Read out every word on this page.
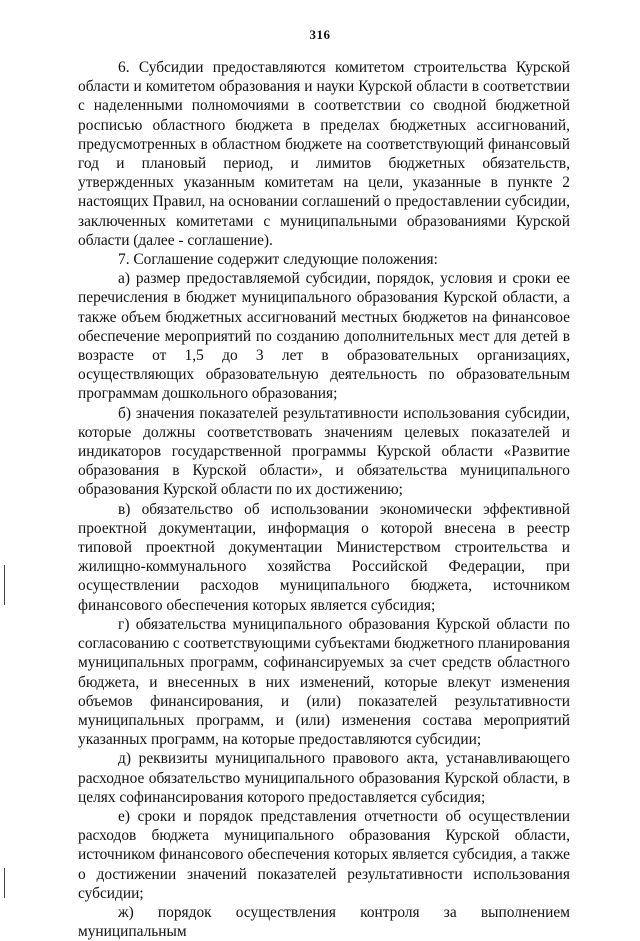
316

6. Субсидии предоставляются комитетом строительства Курской области и комитетом образования и науки Курской области в соответствии с наделенными полномочиями в соответствии со сводной бюджетной росписью областного бюджета в пределах бюджетных ассигнований, предусмотренных в областном бюджете на соответствующий финансовый год и плановый период, и лимитов бюджетных обязательств, утвержденных указанным комитетам на цели, указанные в пункте 2 настоящих Правил, на основании соглашений о предоставлении субсидии, заключенных комитетами с муниципальными образованиями Курской области (далее - соглашение).

7. Соглашение содержит следующие положения:

а) размер предоставляемой субсидии, порядок, условия и сроки ее перечисления в бюджет муниципального образования Курской области, а также объем бюджетных ассигнований местных бюджетов на финансовое обеспечение мероприятий по созданию дополнительных мест для детей в возрасте от 1,5 до 3 лет в образовательных организациях, осуществляющих образовательную деятельность по образовательным программам дошкольного образования;

б) значения показателей результативности использования субсидии, которые должны соответствовать значениям целевых показателей и индикаторов государственной программы Курской области «Развитие образования в Курской области», и обязательства муниципального образования Курской области по их достижению;

в) обязательство об использовании экономически эффективной проектной документации, информация о которой внесена в реестр типовой проектной документации Министерством строительства и жилищно-коммунального хозяйства Российской Федерации, при осуществлении расходов муниципального бюджета, источником финансового обеспечения которых является субсидия;

г) обязательства муниципального образования Курской области по согласованию с соответствующими субъектами бюджетного планирования муниципальных программ, софинансируемых за счет средств областного бюджета, и внесенных в них изменений, которые влекут изменения объемов финансирования, и (или) показателей результативности муниципальных программ, и (или) изменения состава мероприятий указанных программ, на которые предоставляются субсидии;

д) реквизиты муниципального правового акта, устанавливающего расходное обязательство муниципального образования Курской области, в целях софинансирования которого предоставляется субсидия;

е) сроки и порядок представления отчетности об осуществлении расходов бюджета муниципального образования Курской области, источником финансового обеспечения которых является субсидия, а также о достижении значений показателей результативности использования субсидии;

ж) порядок осуществления контроля за выполнением муниципальным
